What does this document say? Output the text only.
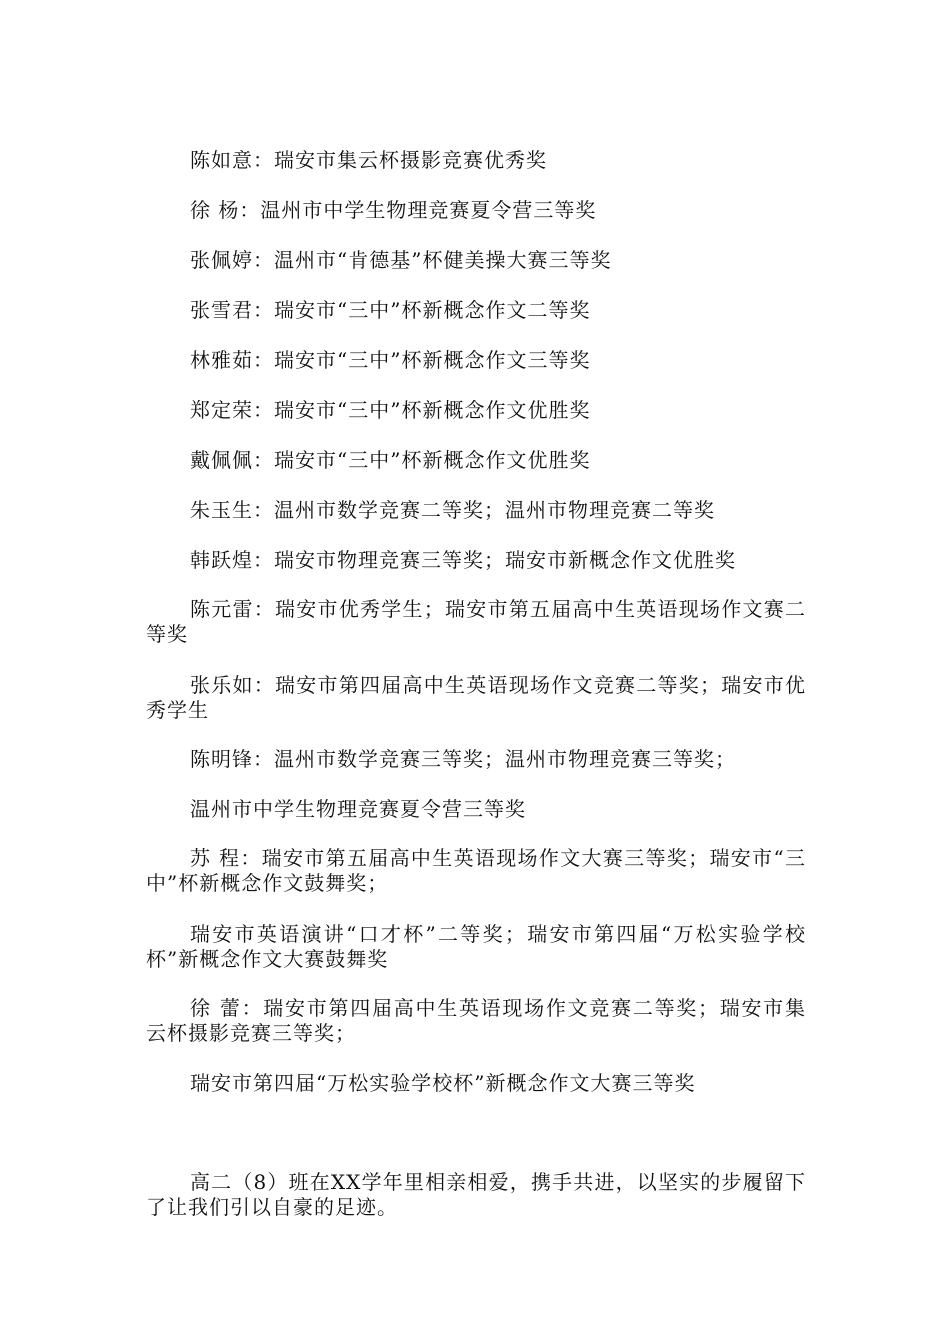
陈如意：瑞安市集云杯摄影竞赛优秀奖

徐 杨：温州市中学生物理竞赛夏令营三等奖

张佩婷：温州市“肯德基”杯健美操大赛三等奖

张雪君：瑞安市“三中”杯新概念作文二等奖

林雅茹：瑞安市“三中”杯新概念作文三等奖

郑定荣：瑞安市“三中”杯新概念作文优胜奖

戴佩佩：瑞安市“三中”杯新概念作文优胜奖

朱玉生：温州市数学竞赛二等奖；温州市物理竞赛二等奖

韩跃煌：瑞安市物理竞赛三等奖；瑞安市新概念作文优胜奖

陈元雷：瑞安市优秀学生；瑞安市第五届高中生英语现场作文赛二等奖

张乐如：瑞安市第四届高中生英语现场作文竞赛二等奖；瑞安市优秀学生

陈明锋：温州市数学竞赛三等奖；温州市物理竞赛三等奖；

温州市中学生物理竞赛夏令营三等奖

苏 程：瑞安市第五届高中生英语现场作文大赛三等奖；瑞安市“三中”杯新概念作文鼓舞奖；

瑞安市英语演讲“口才杯”二等奖；瑞安市第四届“万松实验学校杯”新概念作文大赛鼓舞奖

徐 蕾：瑞安市第四届高中生英语现场作文竞赛二等奖；瑞安市集云杯摄影竞赛三等奖；

瑞安市第四届“万松实验学校杯”新概念作文大赛三等奖

高二（8）班在XX学年里相亲相爱，携手共进，以坚实的步履留下了让我们引以自豪的足迹。
